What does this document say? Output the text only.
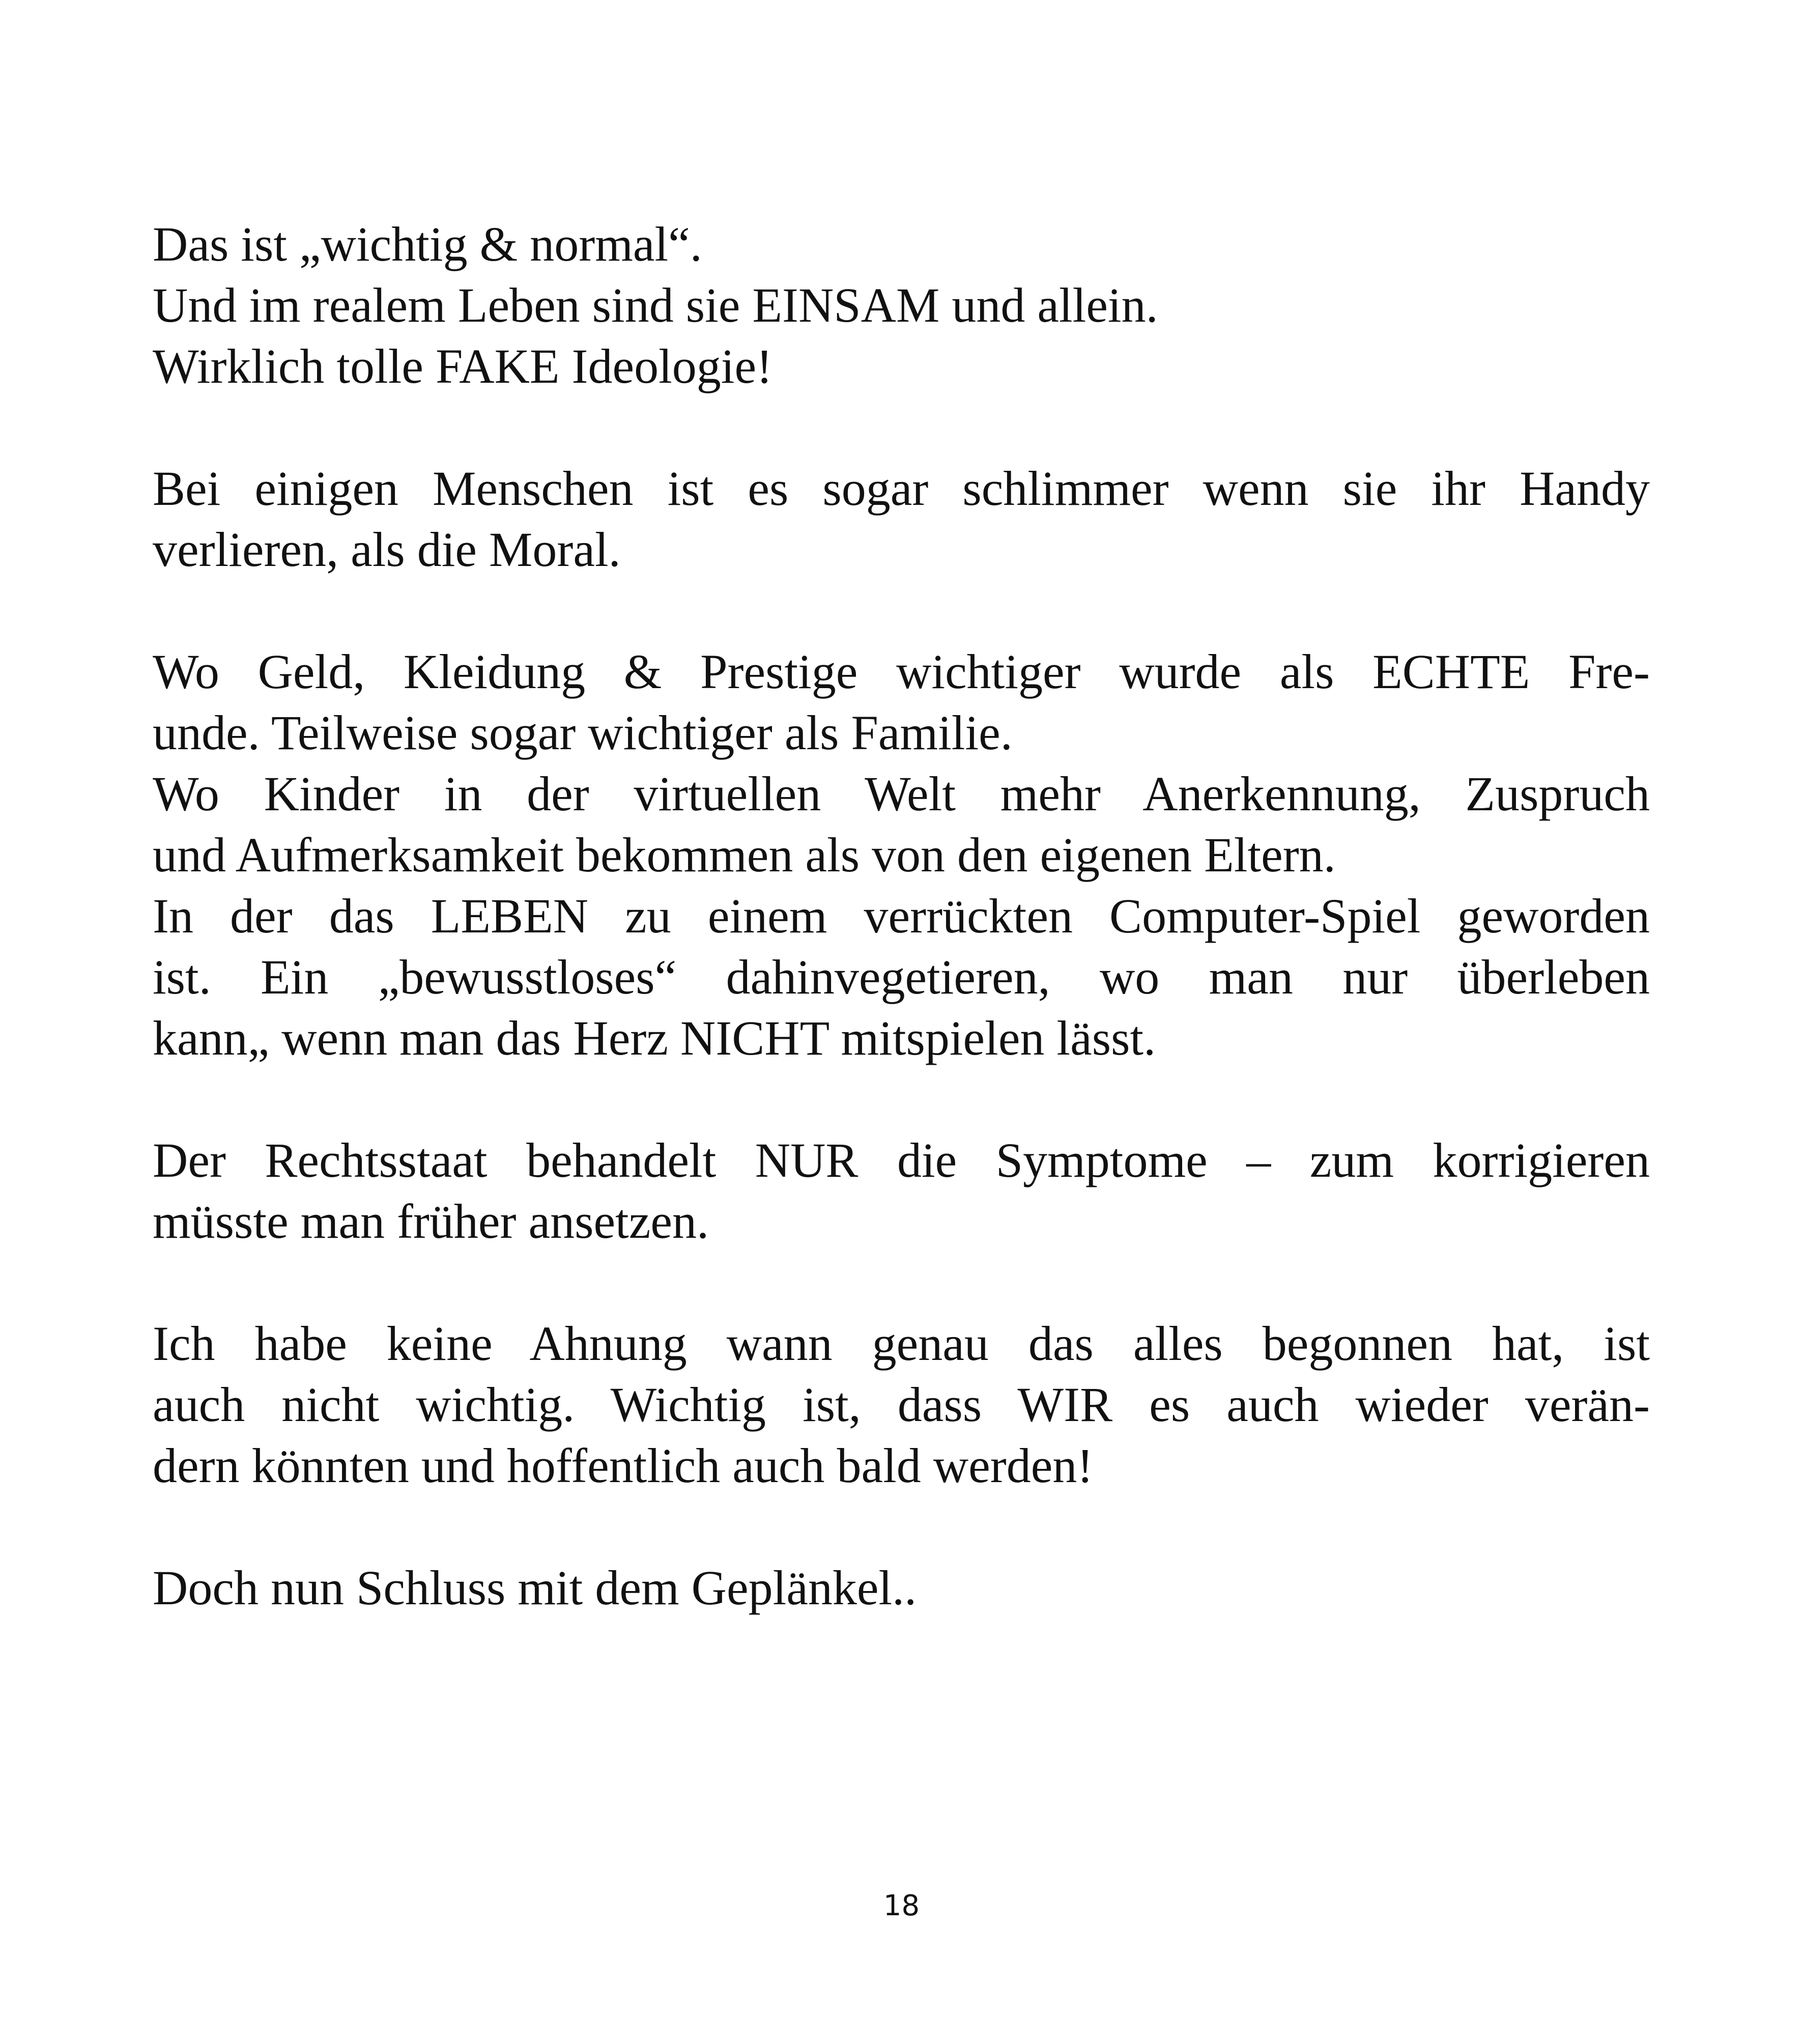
Das ist „wichtig & normal“.
Und im realem Leben sind sie EINSAM und allein.
Wirklich tolle FAKE Ideologie!
Bei einigen Menschen ist es sogar schlimmer wenn sie ihr Handy
verlieren, als die Moral.
Wo Geld, Kleidung & Prestige wichtiger wurde als ECHTE Fre-
unde. Teilweise sogar wichtiger als Familie.
Wo Kinder in der virtuellen Welt mehr Anerkennung, Zuspruch
und Aufmerksamkeit bekommen als von den eigenen Eltern.
In der das LEBEN zu einem verrückten Computer-Spiel geworden
ist. Ein „bewusstloses“ dahinvegetieren, wo man nur überleben
kann„ wenn man das Herz NICHT mitspielen lässt.
Der Rechtsstaat behandelt NUR die Symptome – zum korrigieren
müsste man früher ansetzen.
Ich habe keine Ahnung wann genau das alles begonnen hat, ist
auch nicht wichtig. Wichtig ist, dass WIR es auch wieder verän-
dern könnten und hoffentlich auch bald werden!
Doch nun Schluss mit dem Geplänkel..
18
